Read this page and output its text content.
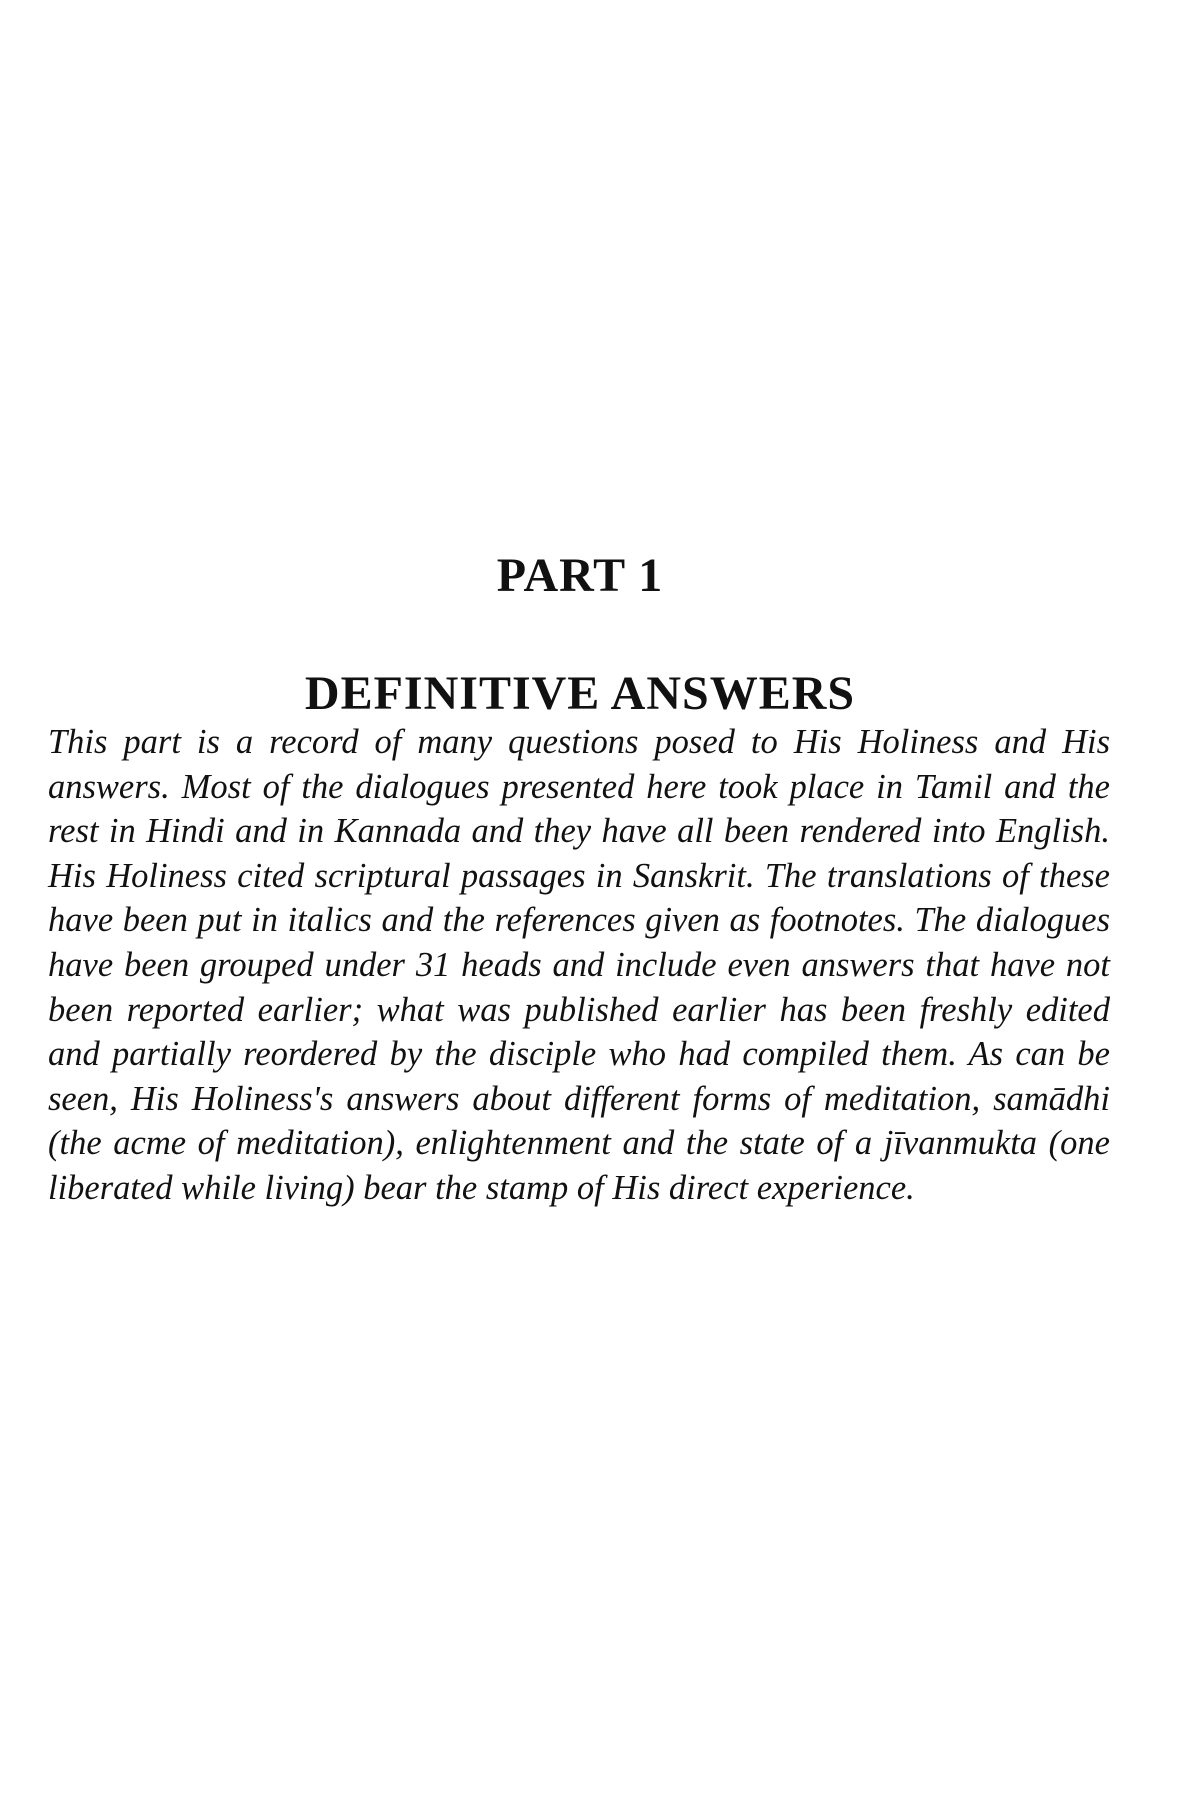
PART 1
DEFINITIVE ANSWERS

This part is a record of many questions posed to His Holiness and His answers. Most of the dialogues presented here took place in Tamil and the rest in Hindi and in Kannada and they have all been rendered into English. His Holiness cited scriptural passages in Sanskrit. The translations of these have been put in italics and the references given as footnotes. The dialogues have been grouped under 31 heads and include even answers that have not been reported earlier; what was published earlier has been freshly edited and partially reordered by the disciple who had compiled them. As can be seen, His Holiness's answers about different forms of meditation, samādhi (the acme of meditation), enlightenment and the state of a jīvanmukta (one liberated while living) bear the stamp of His direct experience.
